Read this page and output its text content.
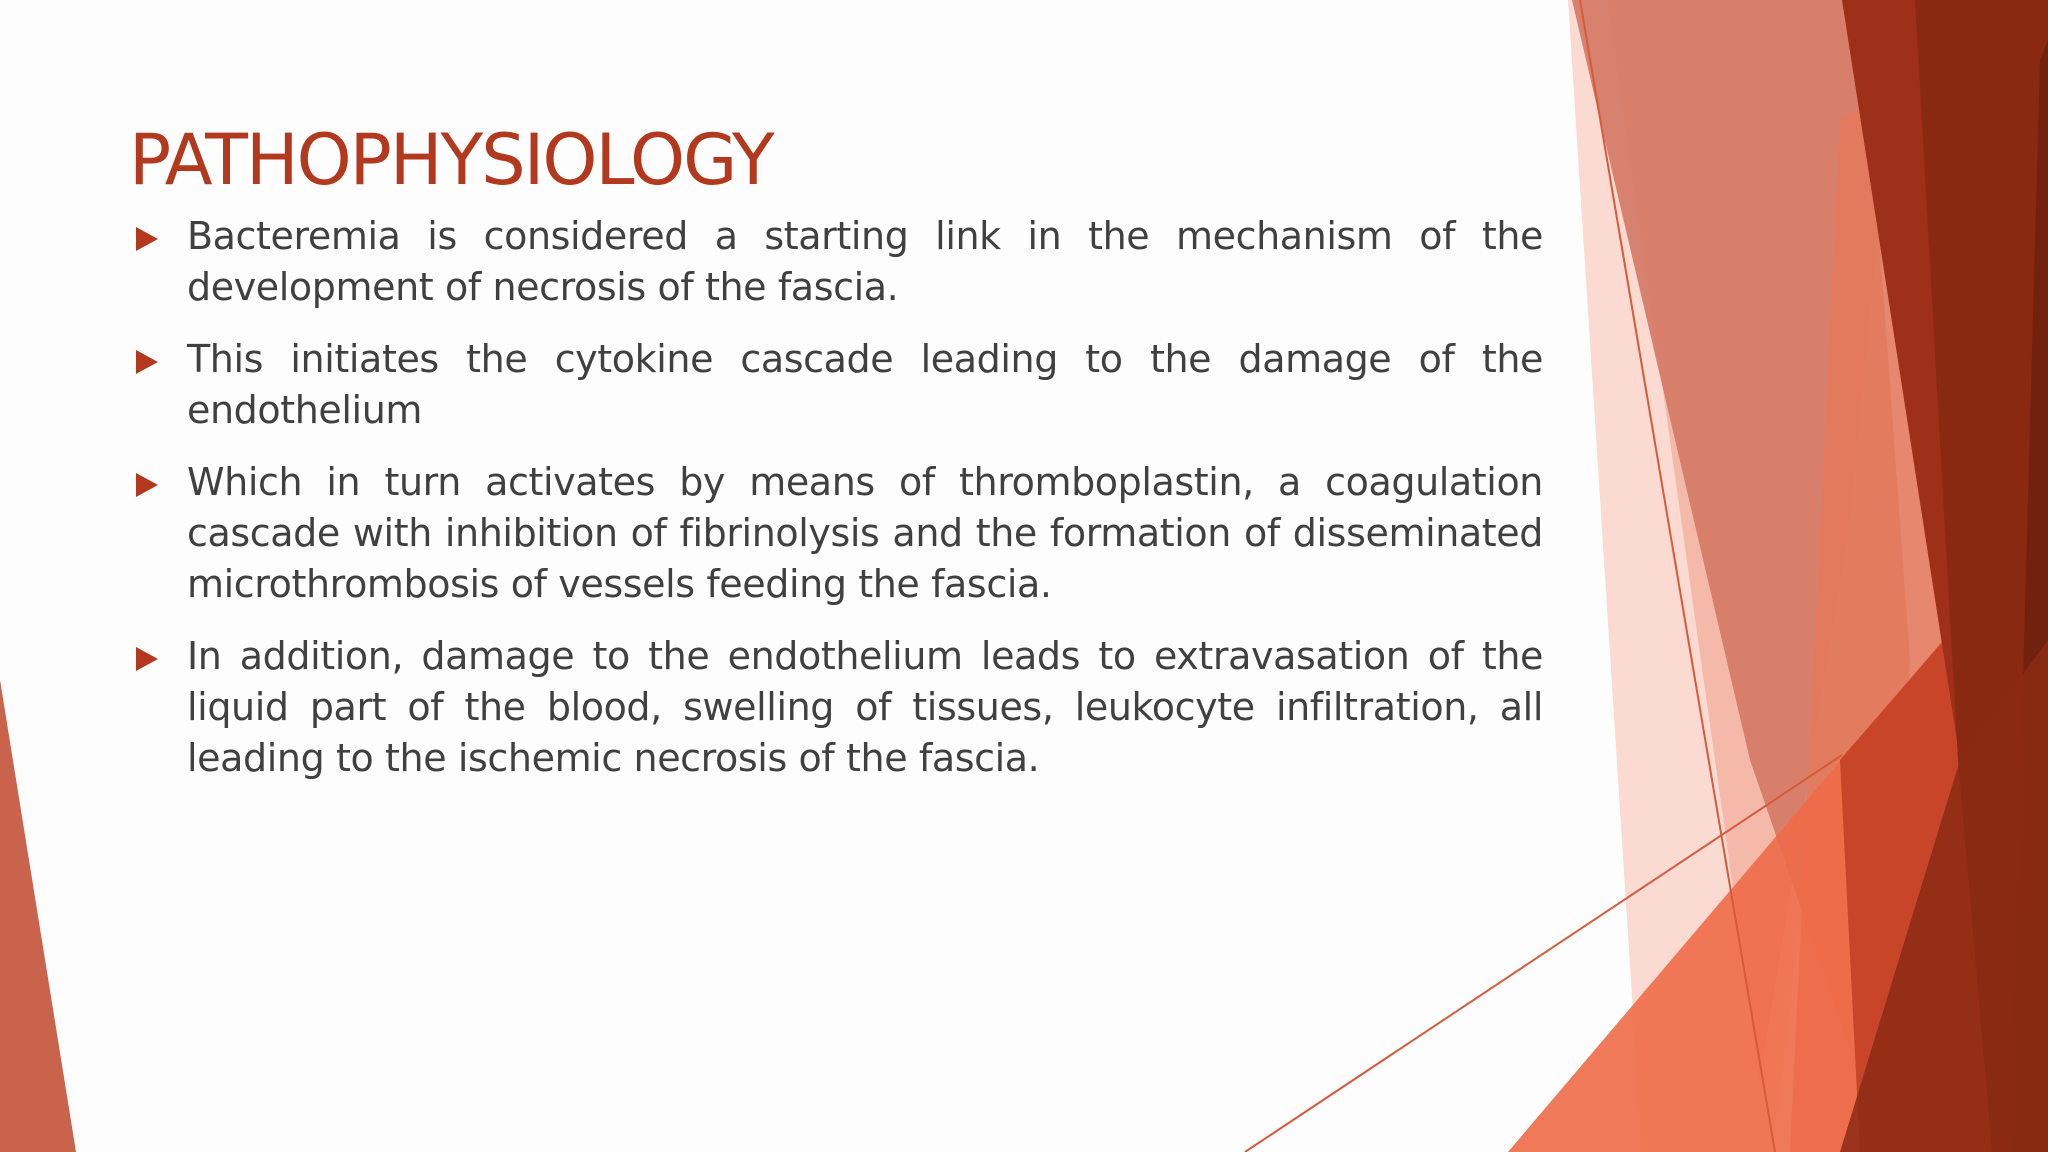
PATHOPHYSIOLOGY
Bacteremia is considered a starting link in the mechanism of the development of necrosis of the fascia.
This initiates the cytokine cascade leading to the damage of the endothelium
Which in turn activates by means of thromboplastin, a coagulation cascade with inhibition of fibrinolysis and the formation of disseminated microthrombosis of vessels feeding the fascia.
In addition, damage to the endothelium leads to extravasation of the liquid part of the blood, swelling of tissues, leukocyte infiltration, all leading to the ischemic necrosis of the fascia.
